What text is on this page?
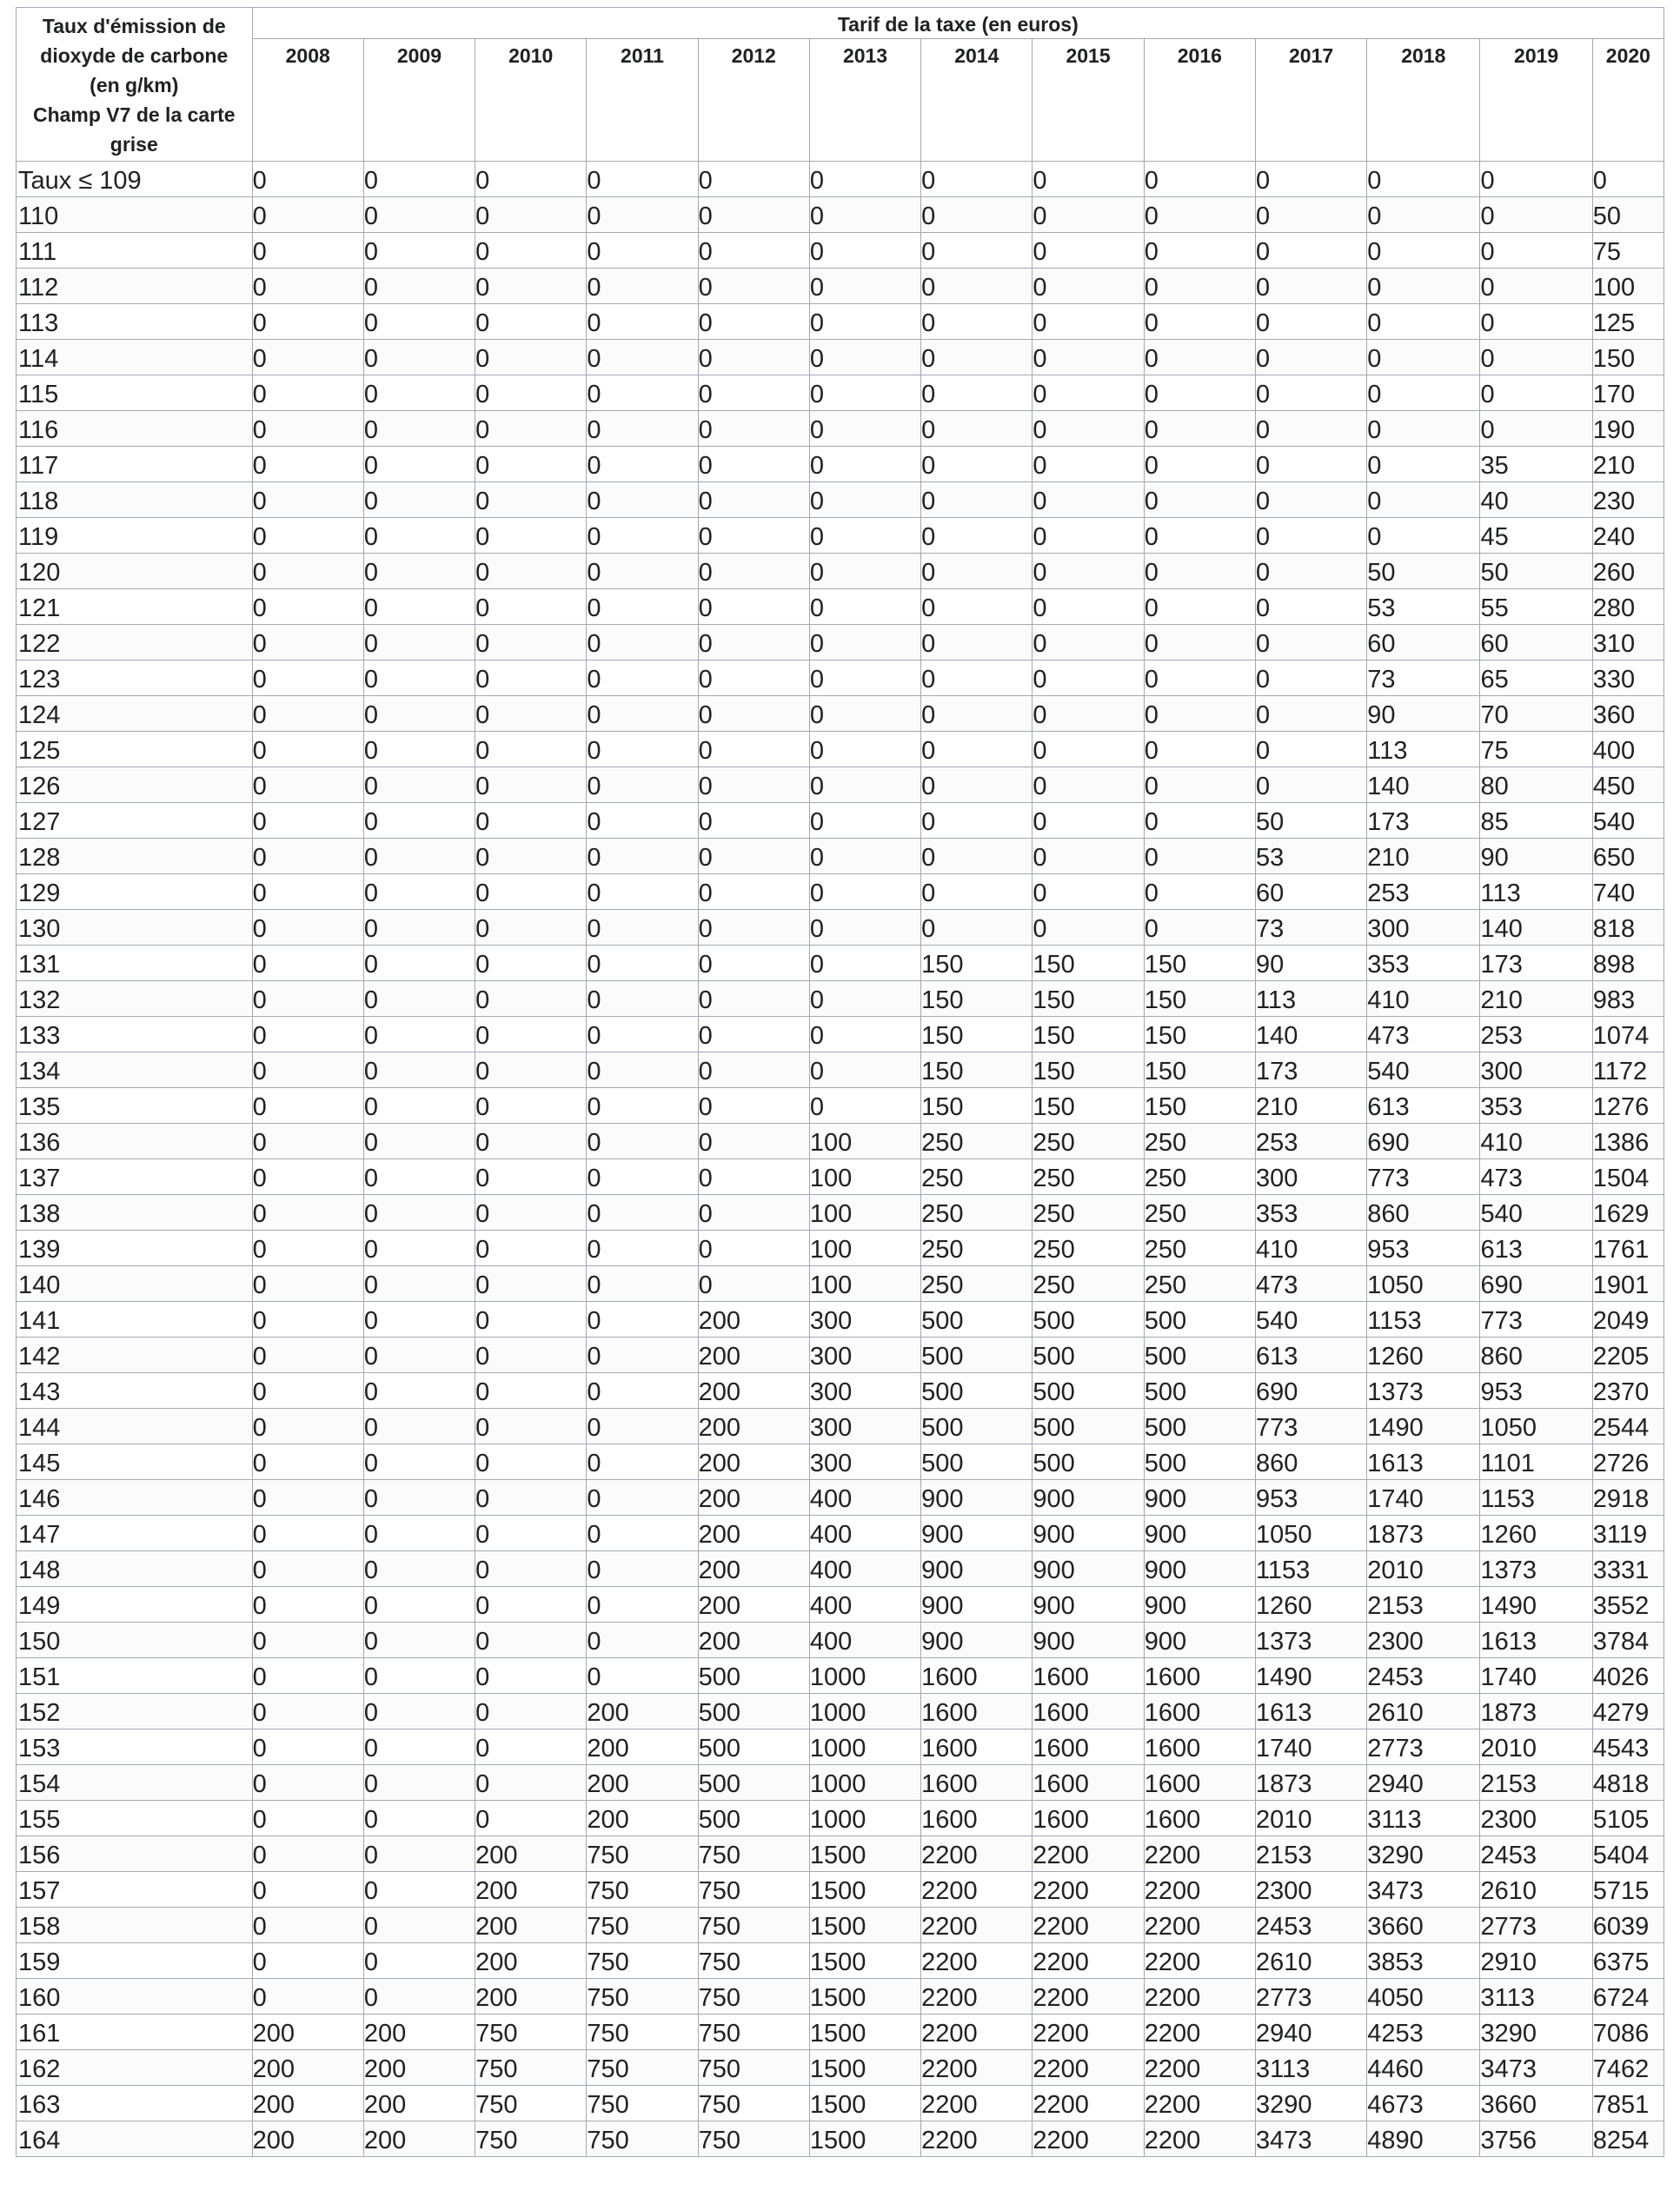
Taux d'émission de
dioxyde de carbone
(en g/km)
Champ V7 de la carte
grise	Tarif de la taxe (en euros)												
	2008	2009	2010	2011	2012	2013	2014	2015	2016	2017	2018	2019	2020
Taux ≤ 109	0	0	0	0	0	0	0	0	0	0	0	0	0
110	0	0	0	0	0	0	0	0	0	0	0	0	50
111	0	0	0	0	0	0	0	0	0	0	0	0	75
112	0	0	0	0	0	0	0	0	0	0	0	0	100
113	0	0	0	0	0	0	0	0	0	0	0	0	125
114	0	0	0	0	0	0	0	0	0	0	0	0	150
115	0	0	0	0	0	0	0	0	0	0	0	0	170
116	0	0	0	0	0	0	0	0	0	0	0	0	190
117	0	0	0	0	0	0	0	0	0	0	0	35	210
118	0	0	0	0	0	0	0	0	0	0	0	40	230
119	0	0	0	0	0	0	0	0	0	0	0	45	240
120	0	0	0	0	0	0	0	0	0	0	50	50	260
121	0	0	0	0	0	0	0	0	0	0	53	55	280
122	0	0	0	0	0	0	0	0	0	0	60	60	310
123	0	0	0	0	0	0	0	0	0	0	73	65	330
124	0	0	0	0	0	0	0	0	0	0	90	70	360
125	0	0	0	0	0	0	0	0	0	0	113	75	400
126	0	0	0	0	0	0	0	0	0	0	140	80	450
127	0	0	0	0	0	0	0	0	0	50	173	85	540
128	0	0	0	0	0	0	0	0	0	53	210	90	650
129	0	0	0	0	0	0	0	0	0	60	253	113	740
130	0	0	0	0	0	0	0	0	0	73	300	140	818
131	0	0	0	0	0	0	150	150	150	90	353	173	898
132	0	0	0	0	0	0	150	150	150	113	410	210	983
133	0	0	0	0	0	0	150	150	150	140	473	253	1074
134	0	0	0	0	0	0	150	150	150	173	540	300	1172
135	0	0	0	0	0	0	150	150	150	210	613	353	1276
136	0	0	0	0	0	100	250	250	250	253	690	410	1386
137	0	0	0	0	0	100	250	250	250	300	773	473	1504
138	0	0	0	0	0	100	250	250	250	353	860	540	1629
139	0	0	0	0	0	100	250	250	250	410	953	613	1761
140	0	0	0	0	0	100	250	250	250	473	1050	690	1901
141	0	0	0	0	200	300	500	500	500	540	1153	773	2049
142	0	0	0	0	200	300	500	500	500	613	1260	860	2205
143	0	0	0	0	200	300	500	500	500	690	1373	953	2370
144	0	0	0	0	200	300	500	500	500	773	1490	1050	2544
145	0	0	0	0	200	300	500	500	500	860	1613	1101	2726
146	0	0	0	0	200	400	900	900	900	953	1740	1153	2918
147	0	0	0	0	200	400	900	900	900	1050	1873	1260	3119
148	0	0	0	0	200	400	900	900	900	1153	2010	1373	3331
149	0	0	0	0	200	400	900	900	900	1260	2153	1490	3552
150	0	0	0	0	200	400	900	900	900	1373	2300	1613	3784
151	0	0	0	0	500	1000	1600	1600	1600	1490	2453	1740	4026
152	0	0	0	200	500	1000	1600	1600	1600	1613	2610	1873	4279
153	0	0	0	200	500	1000	1600	1600	1600	1740	2773	2010	4543
154	0	0	0	200	500	1000	1600	1600	1600	1873	2940	2153	4818
155	0	0	0	200	500	1000	1600	1600	1600	2010	3113	2300	5105
156	0	0	200	750	750	1500	2200	2200	2200	2153	3290	2453	5404
157	0	0	200	750	750	1500	2200	2200	2200	2300	3473	2610	5715
158	0	0	200	750	750	1500	2200	2200	2200	2453	3660	2773	6039
159	0	0	200	750	750	1500	2200	2200	2200	2610	3853	2910	6375
160	0	0	200	750	750	1500	2200	2200	2200	2773	4050	3113	6724
161	200	200	750	750	750	1500	2200	2200	2200	2940	4253	3290	7086
162	200	200	750	750	750	1500	2200	2200	2200	3113	4460	3473	7462
163	200	200	750	750	750	1500	2200	2200	2200	3290	4673	3660	7851
164	200	200	750	750	750	1500	2200	2200	2200	3473	4890	3756	8254
